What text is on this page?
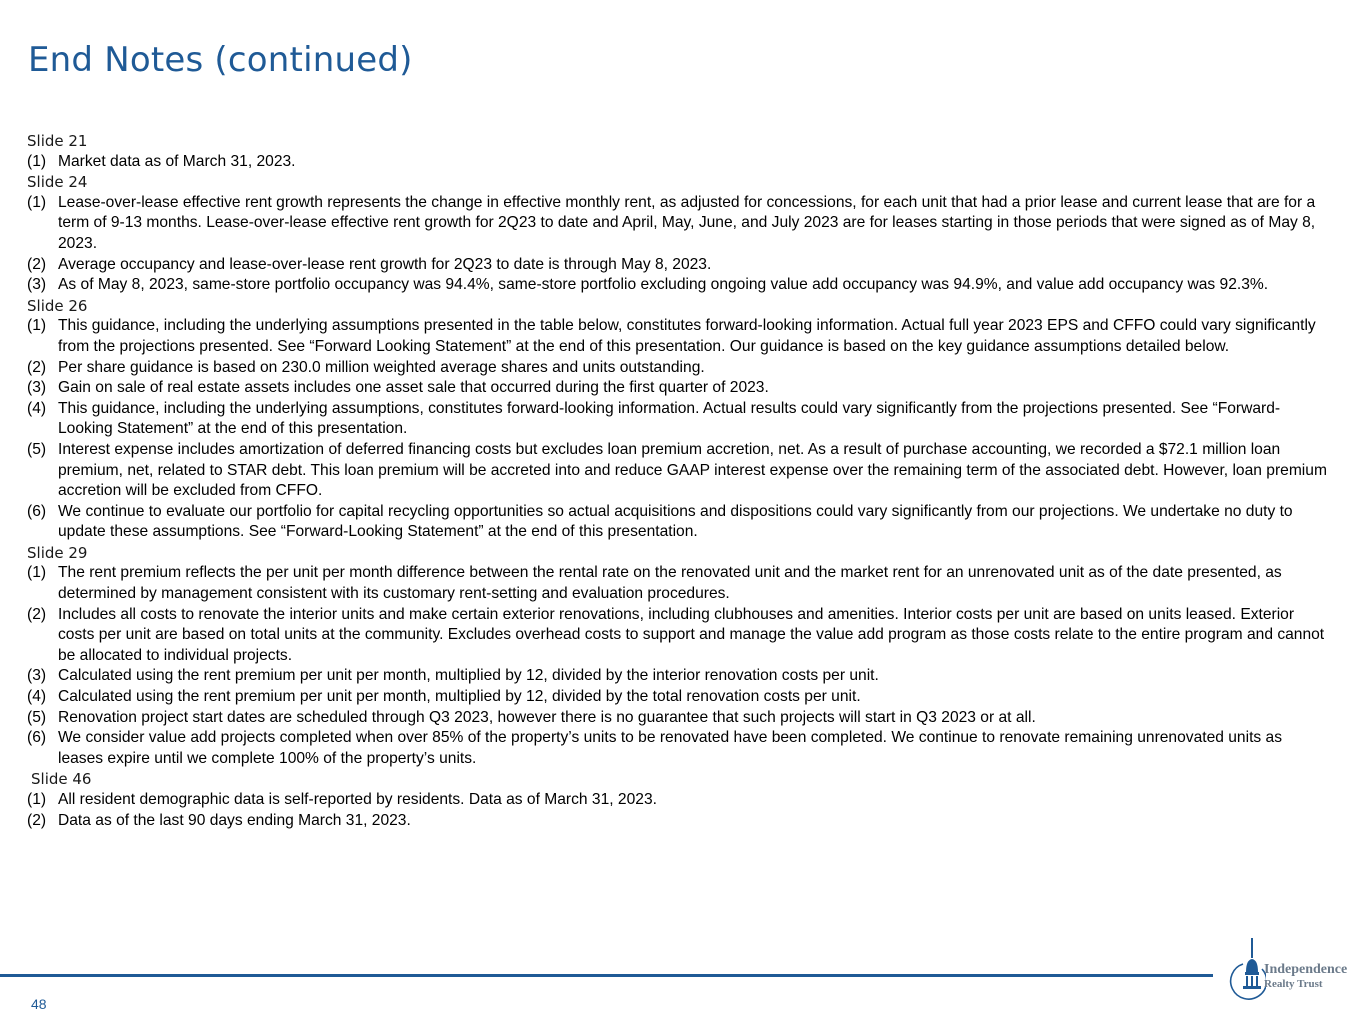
End Notes (continued)
Slide 21
(1) Market data as of March 31, 2023.
Slide 24
(1) Lease-over-lease effective rent growth represents the change in effective monthly rent, as adjusted for concessions, for each unit that had a prior lease and current lease that are for a term of 9-13 months. Lease-over-lease effective rent growth for 2Q23 to date and April, May, June, and July 2023 are for leases starting in those periods that were signed as of May 8, 2023.
(2) Average occupancy and lease-over-lease rent growth for 2Q23 to date is through May 8, 2023.
(3) As of May 8, 2023, same-store portfolio occupancy was 94.4%, same-store portfolio excluding ongoing value add occupancy was 94.9%, and value add occupancy was 92.3%.
Slide 26
(1) This guidance, including the underlying assumptions presented in the table below, constitutes forward-looking information. Actual full year 2023 EPS and CFFO could vary significantly from the projections presented. See “Forward Looking Statement” at the end of this presentation. Our guidance is based on the key guidance assumptions detailed below.
(2) Per share guidance is based on 230.0 million weighted average shares and units outstanding.
(3) Gain on sale of real estate assets includes one asset sale that occurred during the first quarter of 2023.
(4) This guidance, including the underlying assumptions, constitutes forward-looking information. Actual results could vary significantly from the projections presented. See “Forward-Looking Statement” at the end of this presentation.
(5) Interest expense includes amortization of deferred financing costs but excludes loan premium accretion, net. As a result of purchase accounting, we recorded a $72.1 million loan premium, net, related to STAR debt. This loan premium will be accreted into and reduce GAAP interest expense over the remaining term of the associated debt. However, loan premium accretion will be excluded from CFFO.
(6) We continue to evaluate our portfolio for capital recycling opportunities so actual acquisitions and dispositions could vary significantly from our projections. We undertake no duty to update these assumptions. See “Forward-Looking Statement” at the end of this presentation.
Slide 29
(1) The rent premium reflects the per unit per month difference between the rental rate on the renovated unit and the market rent for an unrenovated unit as of the date presented, as determined by management consistent with its customary rent-setting and evaluation procedures.
(2) Includes all costs to renovate the interior units and make certain exterior renovations, including clubhouses and amenities. Interior costs per unit are based on units leased. Exterior costs per unit are based on total units at the community. Excludes overhead costs to support and manage the value add program as those costs relate to the entire program and cannot be allocated to individual projects.
(3) Calculated using the rent premium per unit per month, multiplied by 12, divided by the interior renovation costs per unit.
(4) Calculated using the rent premium per unit per month, multiplied by 12, divided by the total renovation costs per unit.
(5) Renovation project start dates are scheduled through Q3 2023, however there is no guarantee that such projects will start in Q3 2023 or at all.
(6) We consider value add projects completed when over 85% of the property’s units to be renovated have been completed. We continue to renovate remaining unrenovated units as leases expire until we complete 100% of the property’s units.
Slide 46
(1) All resident demographic data is self-reported by residents. Data as of March 31, 2023.
(2) Data as of the last 90 days ending March 31, 2023.
48
Independence
Realty Trust
